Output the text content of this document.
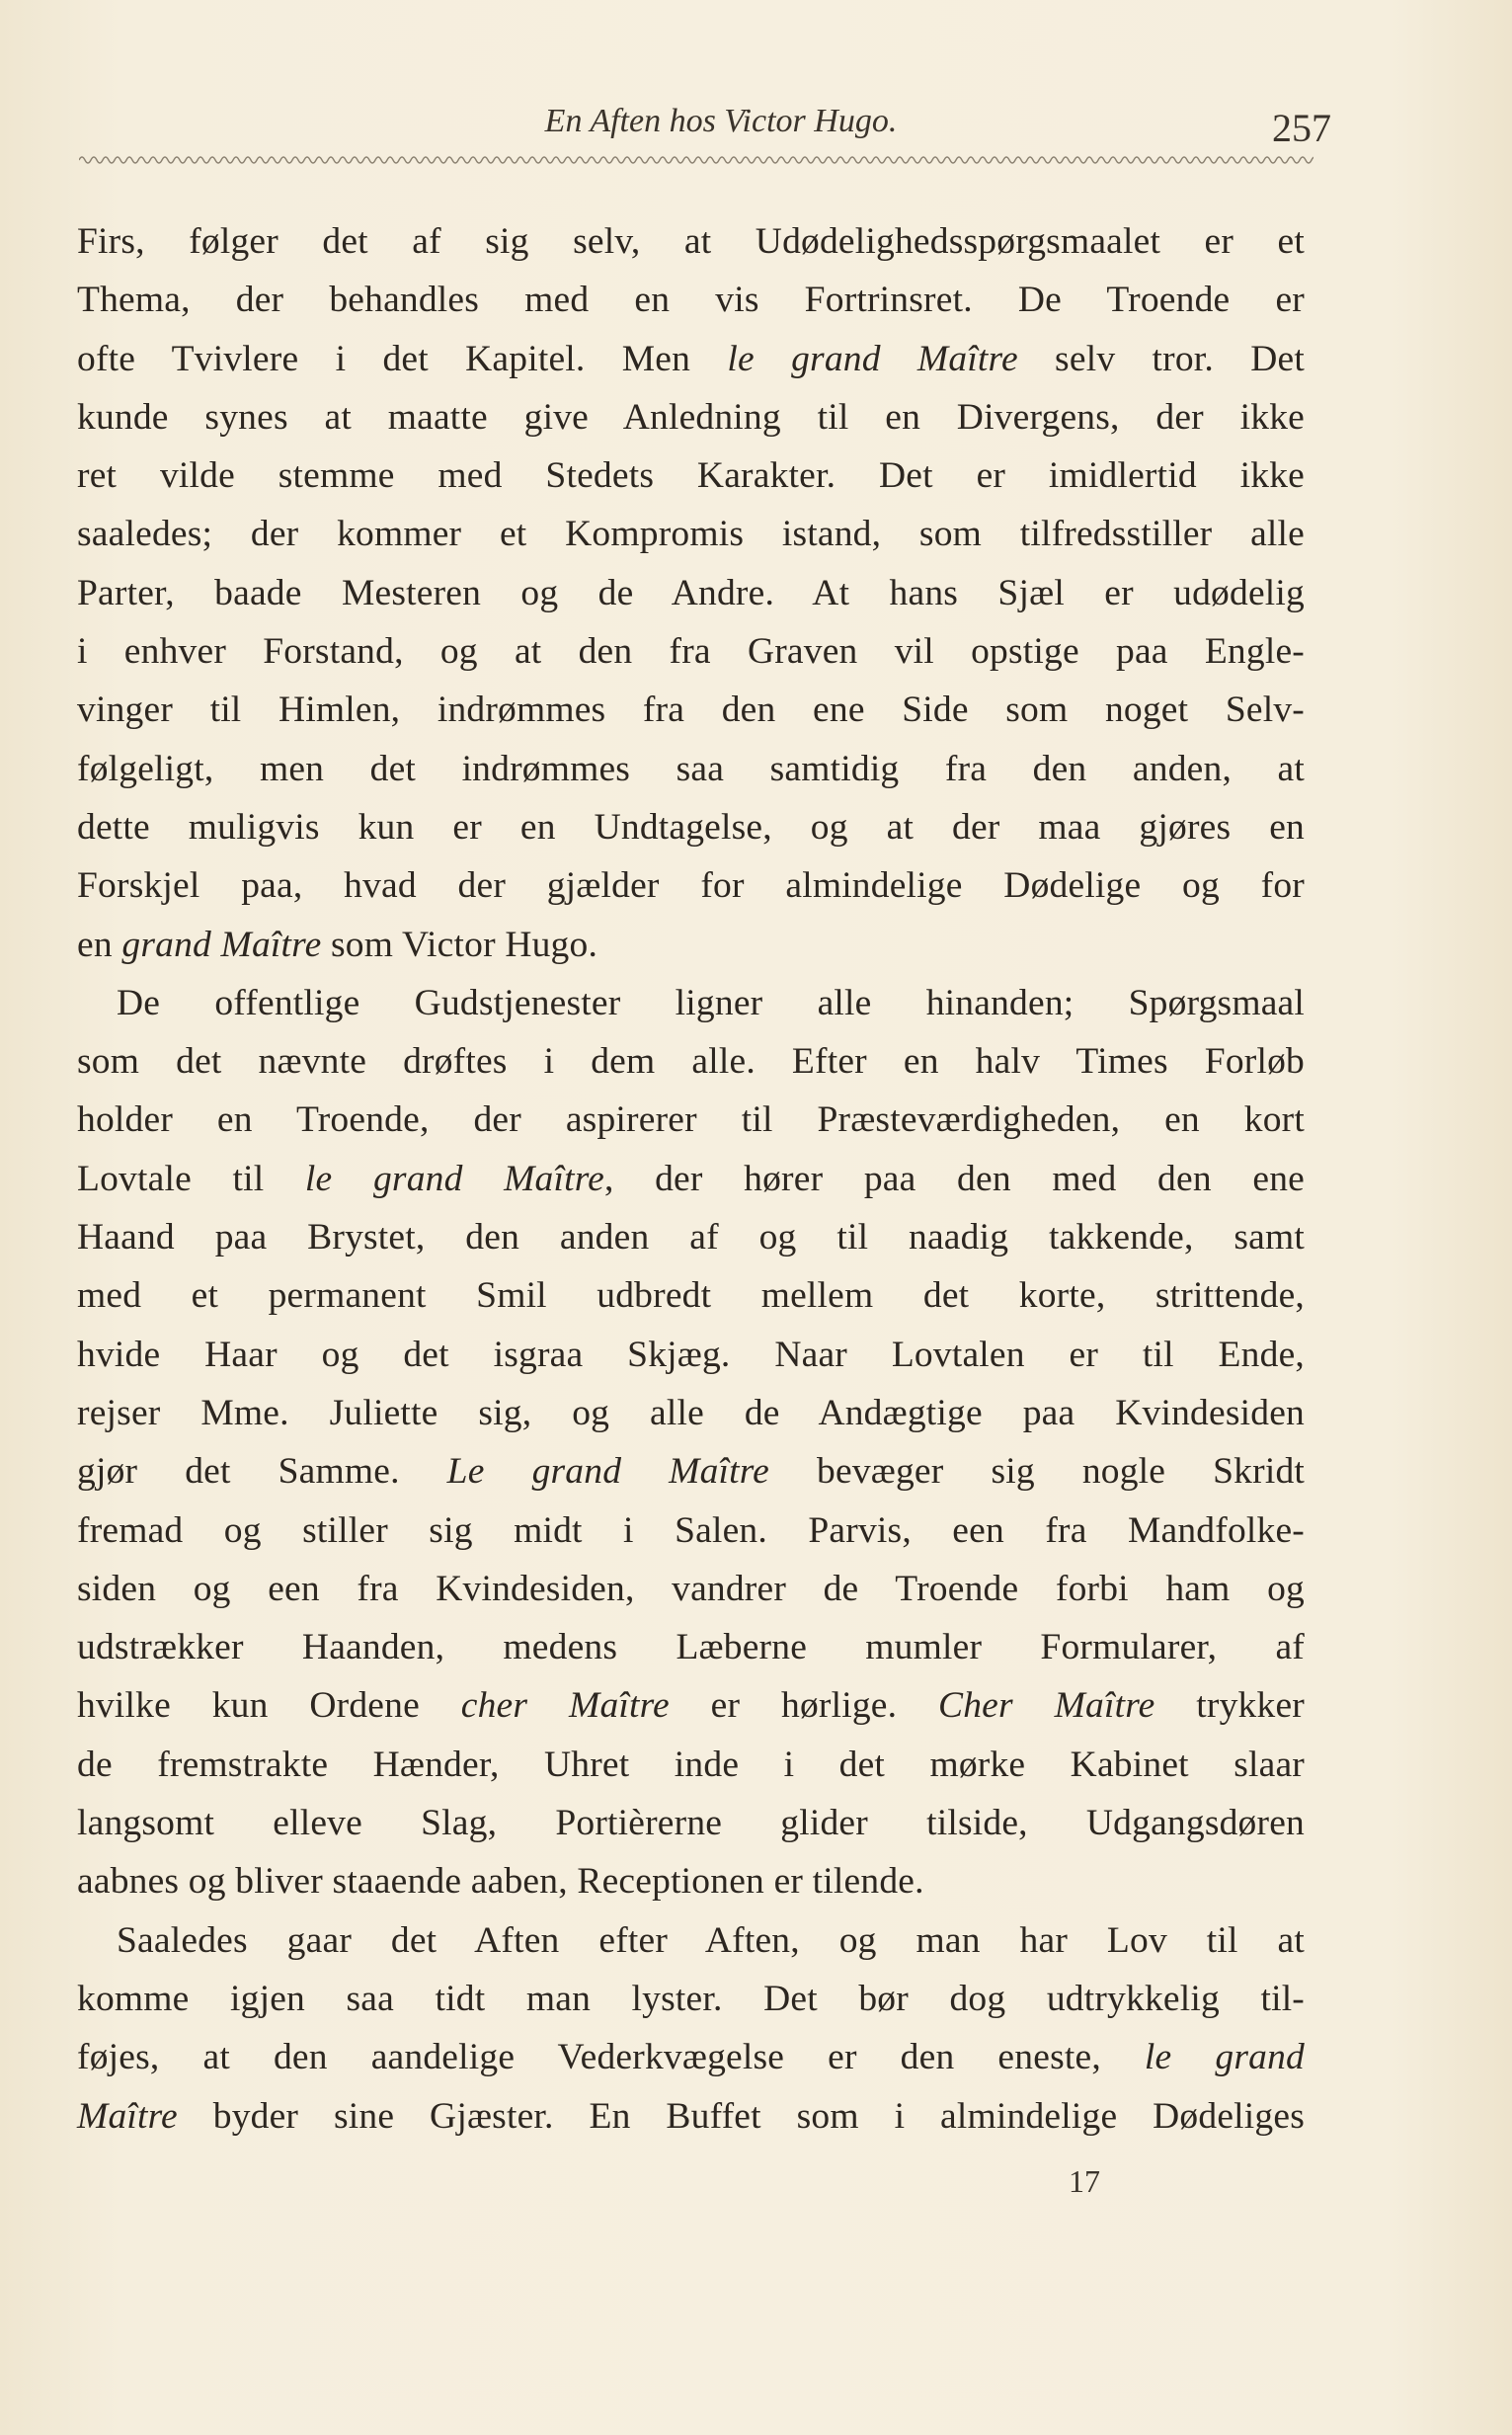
En Aften hos Victor Hugo.	257
Firs, følger det af sig selv, at Udødelighedsspørgsmaalet er et
Thema, der behandles med en vis Fortrinsret. De Troende er
ofte Tvivlere i det Kapitel. Men le grand Maître selv tror. Det
kunde synes at maatte give Anledning til en Divergens, der ikke
ret vilde stemme med Stedets Karakter. Det er imidlertid ikke
saaledes; der kommer et Kompromis istand, som tilfredsstiller alle
Parter, baade Mesteren og de Andre. At hans Sjæl er udødelig
i enhver Forstand, og at den fra Graven vil opstige paa Engle-
vinger til Himlen, indrømmes fra den ene Side som noget Selv-
følgeligt, men det indrømmes saa samtidig fra den anden, at
dette muligvis kun er en Undtagelse, og at der maa gjøres en
Forskjel paa, hvad der gjælder for almindelige Dødelige og for
en grand Maître som Victor Hugo.
De offentlige Gudstjenester ligner alle hinanden; Spørgsmaal
som det nævnte drøftes i dem alle. Efter en halv Times Forløb
holder en Troende, der aspirerer til Præsteværdigheden, en kort
Lovtale til le grand Maître, der hører paa den med den ene
Haand paa Brystet, den anden af og til naadig takkende, samt
med et permanent Smil udbredt mellem det korte, strittende,
hvide Haar og det isgraa Skjæg. Naar Lovtalen er til Ende,
rejser Mme. Juliette sig, og alle de Andægtige paa Kvindesiden
gjør det Samme. Le grand Maître bevæger sig nogle Skridt
fremad og stiller sig midt i Salen. Parvis, een fra Mandfolke-
siden og een fra Kvindesiden, vandrer de Troende forbi ham og
udstrækker Haanden, medens Læberne mumler Formularer, af
hvilke kun Ordene cher Maître er hørlige. Cher Maître trykker
de fremstrakte Hænder, Uhret inde i det mørke Kabinet slaar
langsomt elleve Slag, Portièrerne glider tilside, Udgangsdøren
aabnes og bliver staaende aaben, Receptionen er tilende.
Saaledes gaar det Aften efter Aften, og man har Lov til at
komme igjen saa tidt man lyster. Det bør dog udtrykkelig til-
føjes, at den aandelige Vederkvægelse er den eneste, le grand
Maître byder sine Gjæster. En Buffet som i almindelige Dødeliges
17
